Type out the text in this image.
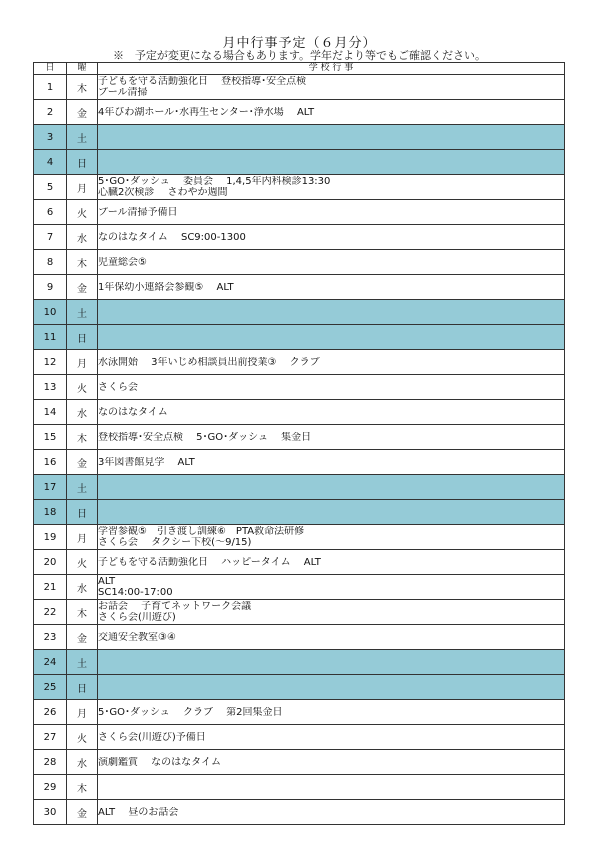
月中行事予定（６月分）
※　予定が変更になる場合もあります。学年だより等でもご確認ください。
日	曜	学 校 行 事
1	木	子どもを守る活動強化日　 登校指導･安全点検
プール清掃

2	金	4年びわ湖ホール･水再生センター･浄水場　 ALT

3	土	
4	日	
5	月	5･GO･ダッシュ　 委員会　 1,4,5年内科検診13:30
心臓2次検診　 さわやか週間

6	火	プール清掃予備日

7	水	なのはなタイム　 SC9:00-1300

8	木	児童総会⑤

9	金	1年保幼小連絡会参観⑤　 ALT

10	土	
11	日	
12	月	水泳開始　 3年いじめ相談員出前授業③　 クラブ

13	火	さくら会

14	水	なのはなタイム

15	木	登校指導･安全点検　 5･GO･ダッシュ　 集金日

16	金	3年図書館見学　 ALT

17	土	
18	日	
19	月	学習参観⑤　引き渡し訓練⑥　PTA救命法研修
さくら会　 タクシー下校(～9/15)

20	火	子どもを守る活動強化日　 ハッピータイム　 ALT

21	水	ALT
SC14:00-17:00

22	木	お話会　 子育てネットワーク会議
さくら会(川遊び)

23	金	交通安全教室③④

24	土	
25	日	
26	月	5･GO･ダッシュ　 クラブ　 第2回集金日

27	火	さくら会(川遊び)予備日

28	水	演劇鑑賞　 なのはなタイム

29	木	
30	金	ALT　 昼のお話会
